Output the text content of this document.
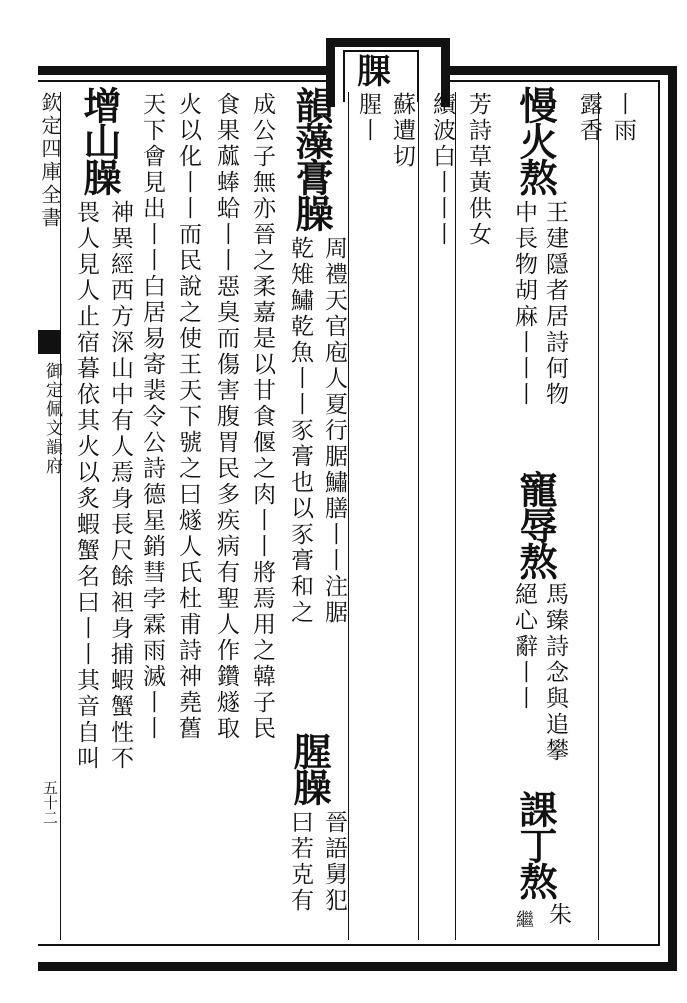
腂
欽定四庫全書
御定佩文韻府
五十二
丨雨
露香
慢火熬
王建隱者居詩何物
中長物胡麻丨丨丨
寵辱熬
馬臻詩念與追攀
絕心辭丨丨
課丁熬
朱
繼
芳詩草黃供女
績波白丨丨丨
蘇遭切
腥丨
韻藻膏臊
周禮天官庖人夏行腒鱐膳丨丨注腒
乾雉鱐乾魚丨丨豕膏也以豕膏和之
腥臊
晉語舅犯
曰若克有
成公子無亦晉之柔嘉是以甘食偃之肉丨丨將焉用之韓子民
食果蓏蜯蛤丨丨惡臭而傷害腹胃民多疾病有聖人作鑽燧取
火以化丨丨而民說之使王天下號之曰燧人氏杜甫詩神堯舊
天下會見出丨丨白居易寄裴令公詩德星銷彗孛霖雨滅丨丨
增山臊
神異經西方深山中有人焉身長尺餘袒身捕蝦蟹性不
畏人見人止宿暮依其火以炙蝦蟹名曰丨丨其音自叫
